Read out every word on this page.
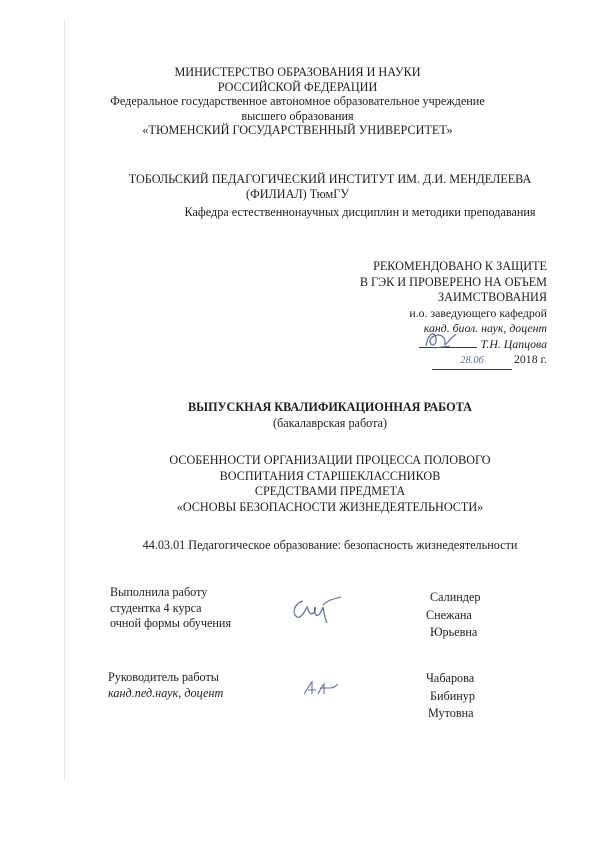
МИНИСТЕРСТВО ОБРАЗОВАНИЯ И НАУКИ
РОССИЙСКОЙ ФЕДЕРАЦИИ
Федеральное государственное автономное образовательное учреждение
высшего образования
«ТЮМЕНСКИЙ ГОСУДАРСТВЕННЫЙ УНИВЕРСИТЕТ»
ТОБОЛЬСКИЙ ПЕДАГОГИЧЕСКИЙ ИНСТИТУТ ИМ. Д.И. МЕНДЕЛЕЕВА
(ФИЛИАЛ) ТюмГУ
Кафедра естественнонаучных дисциплин и методики преподавания
РЕКОМЕНДОВАНО К ЗАЩИТЕ
В ГЭК И ПРОВЕРЕНО НА ОБЪЕМ
ЗАИМСТВОВАНИЯ
и.о. заведующего кафедрой
канд. биол. наук, доцент
Т.Н. Цапцова
28.06	2018 г.
ВЫПУСКНАЯ КВАЛИФИКАЦИОННАЯ РАБОТА
(бакалаврская работа)
ОСОБЕННОСТИ ОРГАНИЗАЦИИ ПРОЦЕССА ПОЛОВОГО
ВОСПИТАНИЯ СТАРШЕКЛАССНИКОВ
СРЕДСТВАМИ ПРЕДМЕТА
«ОСНОВЫ БЕЗОПАСНОСТИ ЖИЗНЕДЕЯТЕЛЬНОСТИ»
44.03.01 Педагогическое образование: безопасность жизнедеятельности
Выполнила работу
студентка 4 курса
очной формы обучения
Салиндер
Снежана
Юрьевна
Руководитель работы
канд.пед.наук, доцент
Чабарова
Бибинур
Мутовна
